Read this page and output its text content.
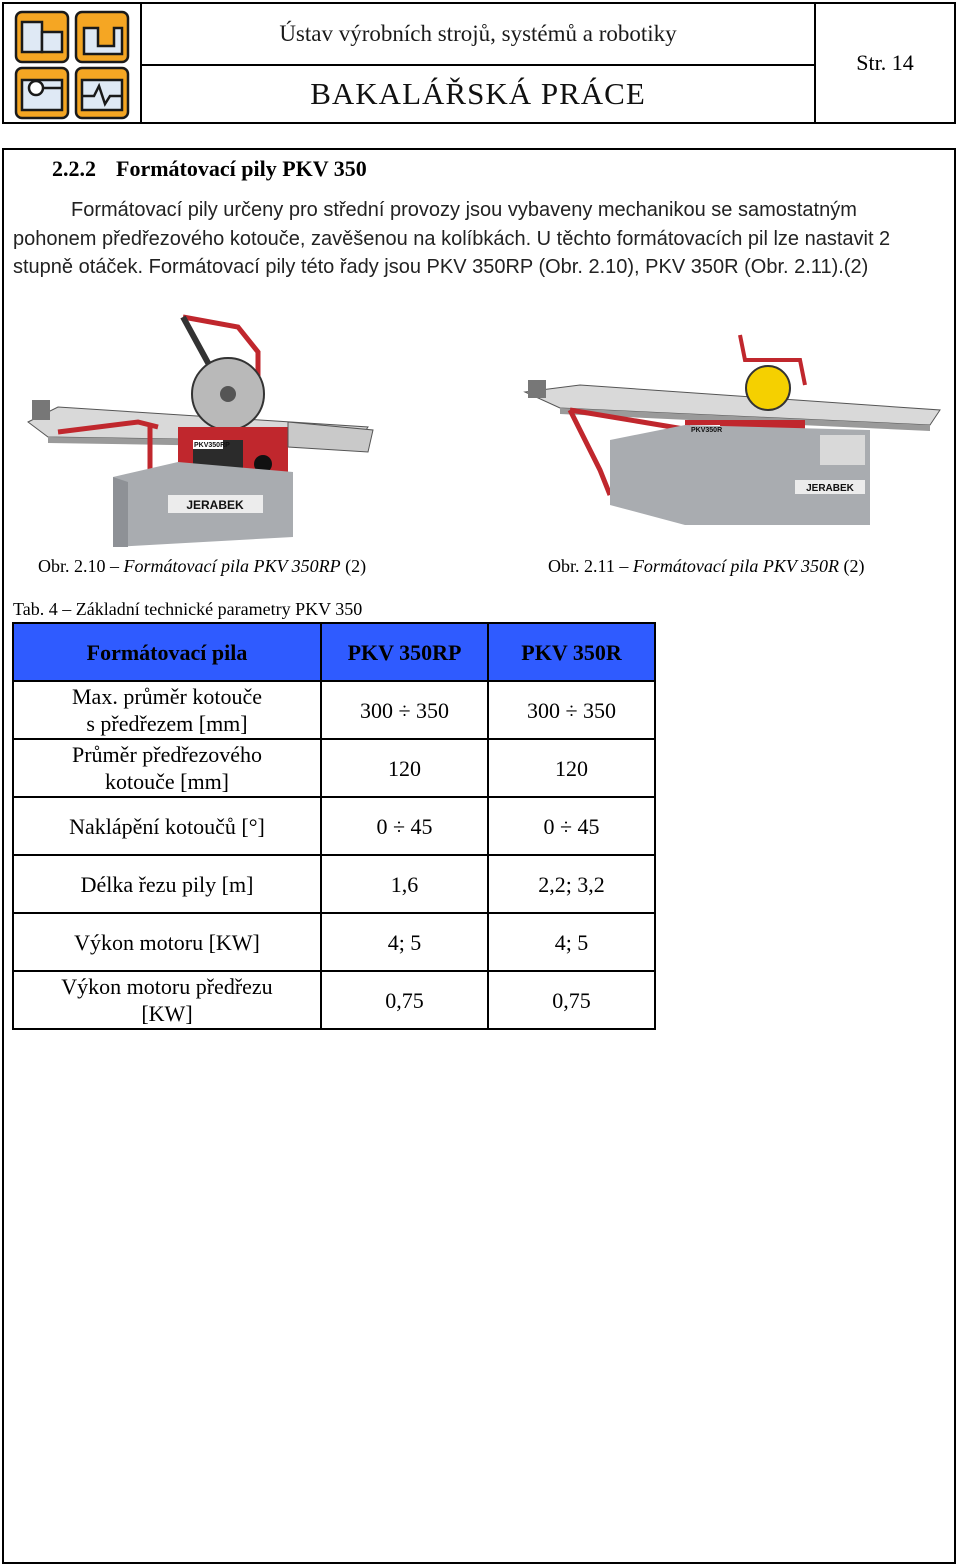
Ústav výrobních strojů, systémů a robotiky
BAKALÁŘSKÁ PRÁCE
Str. 14
2.2.2 Formátovací pily PKV 350
Formátovací pily určeny pro střední provozy jsou vybaveny mechanikou se samostatným pohonem předřezového kotouče, zavěšenou na kolíbkách. U těchto formátovacích pil lze nastavit 2 stupně otáček. Formátovací pily této řady jsou PKV 350RP (Obr. 2.10), PKV 350R (Obr. 2.11).(2)
JERABEK
PKV350RP
JERABEK
PKV350R
Obr. 2.10 – Formátovací pila PKV 350RP (2)	Obr. 2.11 – Formátovací pila PKV 350R (2)
Tab. 4 – Základní technické parametry PKV 350
Formátovací pila	PKV 350RP	PKV 350R
Max. průměr kotouče
s předřezem [mm]	300 ÷ 350	300 ÷ 350
Průměr předřezového
kotouče [mm]	120	120
Naklápění kotoučů [°]	0 ÷ 45	0 ÷ 45
Délka řezu pily [m]	1,6	2,2; 3,2
Výkon motoru [KW]	4; 5	4; 5
Výkon motoru předřezu
[KW]	0,75	0,75
